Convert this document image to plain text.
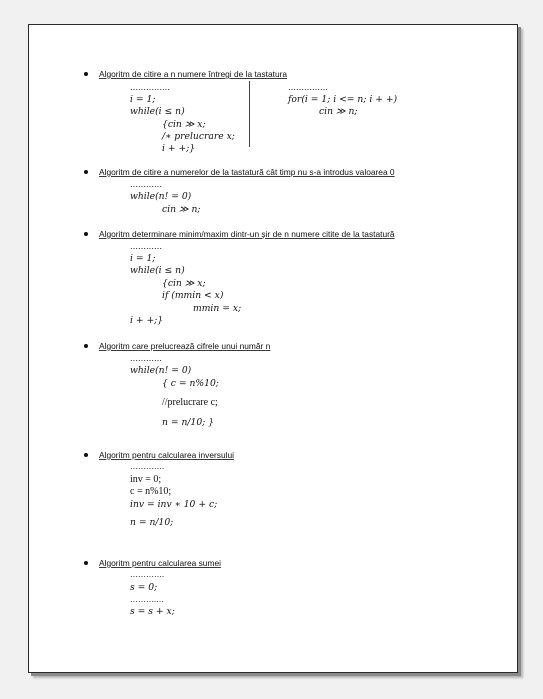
Algoritm de citire a n numere întregi de la tastatura
……………
i = 1;
while(i ≤ n)
{cin ≫ x;
/∗ prelucrare x;
i + +;}
……………
for(i = 1; i <= n; i + +)
cin ≫ n;
Algoritm de citire a numerelor de la tastatură cât timp nu s-a introdus valoarea 0
…………
while(n! = 0)
cin ≫ n;
Algoritm determinare minim/maxim dintr-un șir de n numere citite de la tastatură
…………
i = 1;
while(i ≤ n)
{cin ≫ x;
if (mmin < x)
mmin = x;
i + +;}
Algoritm care prelucrează cifrele unui număr n
…………
while(n! = 0)
{ c = n%10;
//prelucrare c;
n = n/10; }
Algoritm pentru calcularea inversului
………….
inv = 0;
c = n%10;
inv = inv ∗ 10 + c;
n = n/10;
Algoritm pentru calcularea sumei
………….
s = 0;
……….…
s = s + x;
